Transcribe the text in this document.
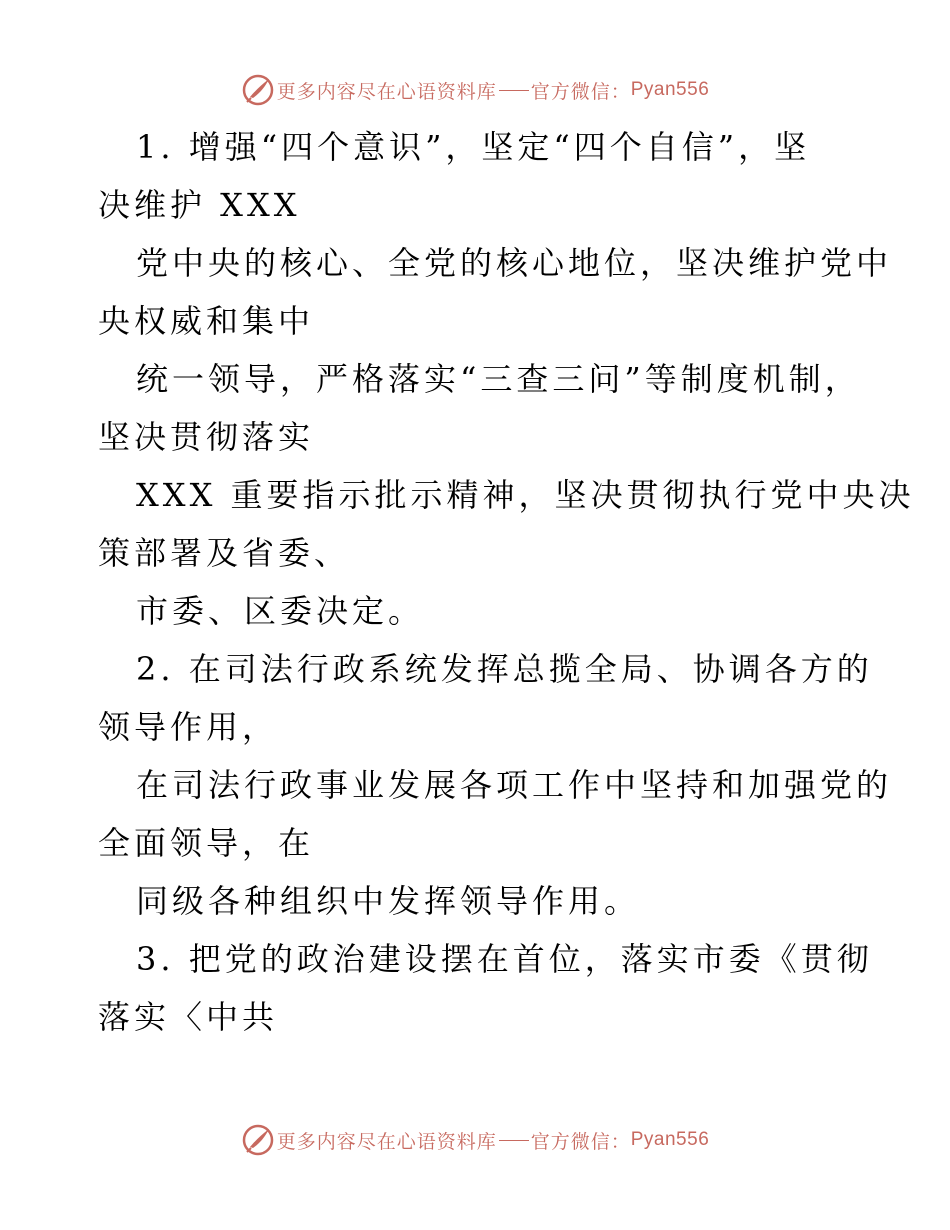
更多内容尽在心语资料库 官方微信： Pyan556
1. 增强“四个意识”，坚定“四个自信”，坚
决维护 XXX
党中央的核心、全党的核心地位，坚决维护党中
央权威和集中
统一领导，严格落实“三查三问”等制度机制，
坚决贯彻落实
XXX 重要指示批示精神，坚决贯彻执行党中央决
策部署及省委、
市委、区委决定。
2. 在司法行政系统发挥总揽全局、协调各方的
领导作用，
在司法行政事业发展各项工作中坚持和加强党的
全面领导，在
同级各种组织中发挥领导作用。
3. 把党的政治建设摆在首位，落实市委《贯彻
落实〈中共
更多内容尽在心语资料库 官方微信： Pyan556
